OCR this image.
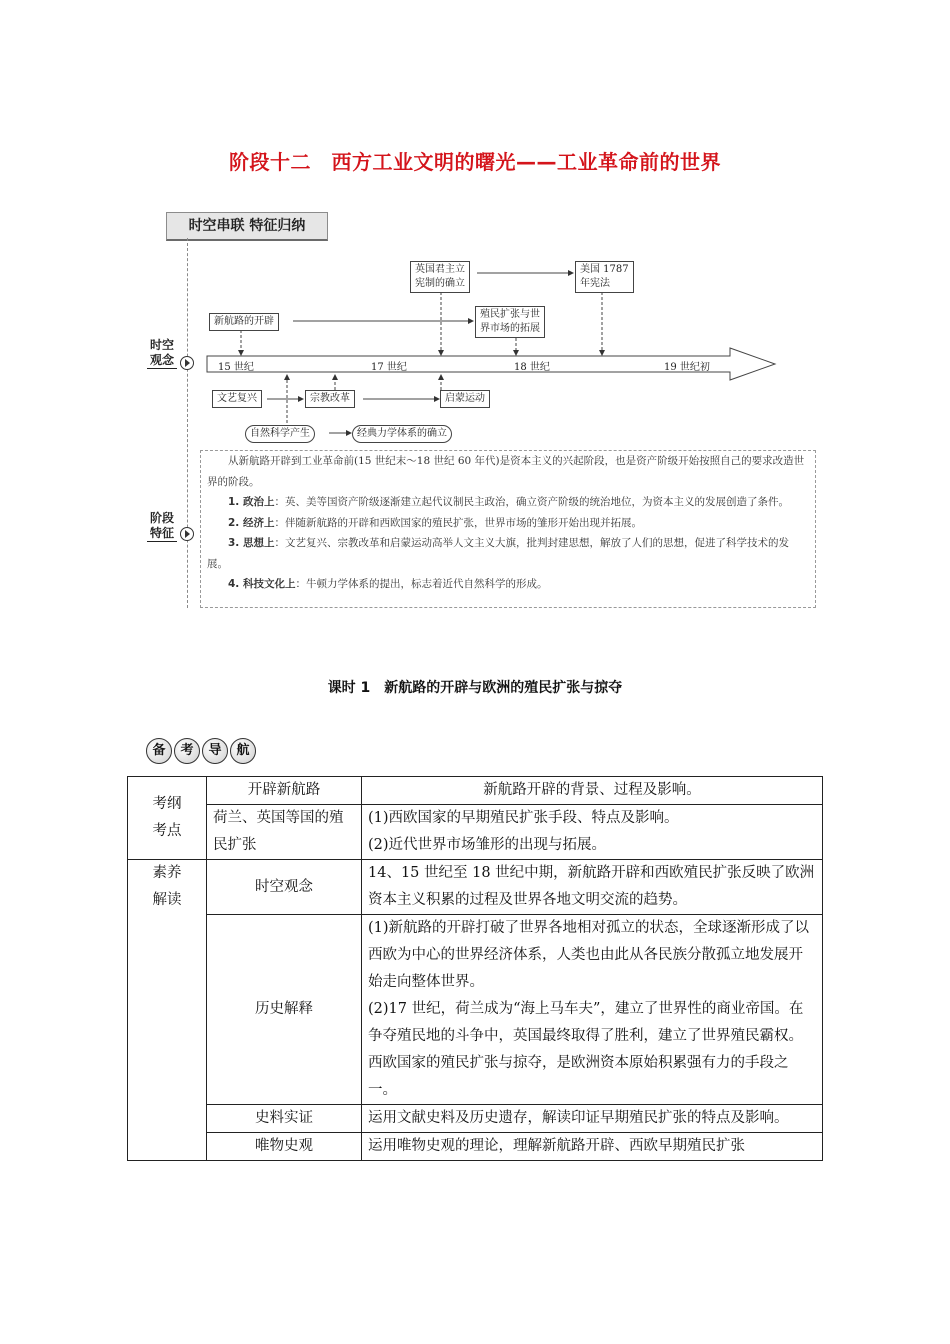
阶段十二　西方工业文明的曙光——工业革命前的世界
时空串联 特征归纳
时空
观念
阶段
特征
15 世纪	17 世纪	18 世纪	19 世纪初
新航路的开辟
英国君主立
宪制的确立
殖民扩张与世
界市场的拓展
美国 1787
年宪法
文艺复兴	宗教改革	启蒙运动
自然科学产生	经典力学体系的确立

从新航路开辟到工业革命前(15 世纪末～18 世纪 60 年代)是资本主义的兴起阶段，也是资产阶级开始按照自己的要求改造世界的阶段。

1. 政治上：英、美等国资产阶级逐渐建立起代议制民主政治，确立资产阶级的统治地位，为资本主义的发展创造了条件。

2. 经济上：伴随新航路的开辟和西欧国家的殖民扩张，世界市场的雏形开始出现并拓展。

3. 思想上：文艺复兴、宗教改革和启蒙运动高举人文主义大旗，批判封建思想，解放了人们的思想，促进了科学技术的发展。

4. 科技文化上：牛顿力学体系的提出，标志着近代自然科学的形成。

课时 1　新航路的开辟与欧洲的殖民扩张与掠夺
备 考 导 航
考纲考点	开辟新航路	新航路开辟的背景、过程及影响。
	荷兰、英国等国的殖民扩张	(1)西欧国家的早期殖民扩张手段、特点及影响。
(2)近代世界市场雏形的出现与拓展。

素养解读	时空观念	14、15 世纪至 18 世纪中期，新航路开辟和西欧殖民扩张反映了欧洲资本主义积累的过程及世界各地文明交流的趋势。
	历史解释	(1)新航路的开辟打破了世界各地相对孤立的状态，全球逐渐形成了以西欧为中心的世界经济体系，人类也由此从各民族分散孤立地发展开始走向整体世界。
(2)17 世纪，荷兰成为“海上马车夫”，建立了世界性的商业帝国。在争夺殖民地的斗争中，英国最终取得了胜利，建立了世界殖民霸权。西欧国家的殖民扩张与掠夺，是欧洲资本原始积累强有力的手段之一。

	史料实证	运用文献史料及历史遗存，解读印证早期殖民扩张的特点及影响。
	唯物史观	运用唯物史观的理论，理解新航路开辟、西欧早期殖民扩张
